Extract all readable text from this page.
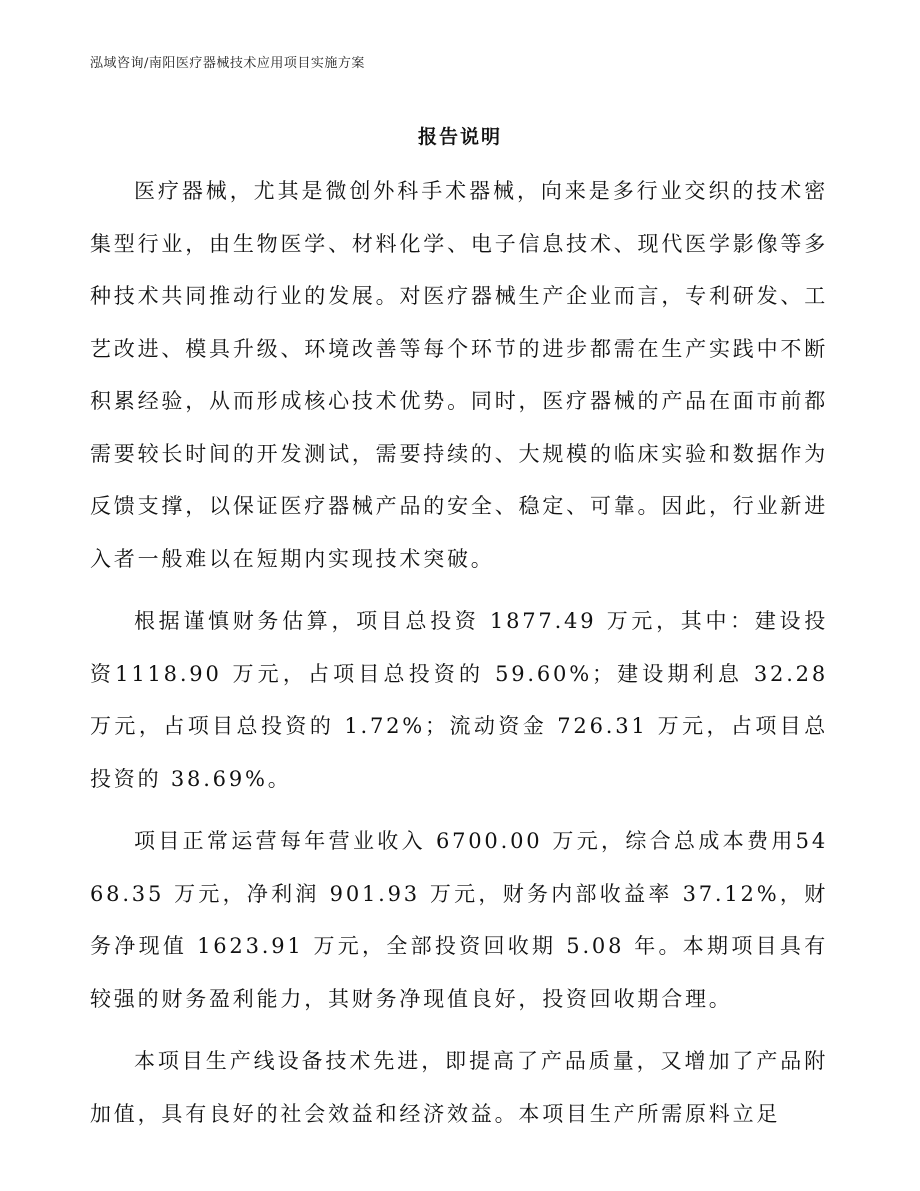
泓域咨询/南阳医疗器械技术应用项目实施方案
报告说明

医疗器械，尤其是微创外科手术器械，向来是多行业交织的技术密集型行业，由生物医学、材料化学、电子信息技术、现代医学影像等多种技术共同推动行业的发展。对医疗器械生产企业而言，专利研发、工艺改进、模具升级、环境改善等每个环节的进步都需在生产实践中不断积累经验，从而形成核心技术优势。同时，医疗器械的产品在面市前都需要较长时间的开发测试，需要持续的、大规模的临床实验和数据作为反馈支撑，以保证医疗器械产品的安全、稳定、可靠。因此，行业新进入者一般难以在短期内实现技术突破。

根据谨慎财务估算，项目总投资 1877.49 万元，其中：建设投资1118.90 万元，占项目总投资的 59.60%；建设期利息 32.28 万元，占项目总投资的 1.72%；流动资金 726.31 万元，占项目总投资的 38.69%。

项目正常运营每年营业收入 6700.00 万元，综合总成本费用5468.35 万元，净利润 901.93 万元，财务内部收益率 37.12%，财务净现值 1623.91 万元，全部投资回收期 5.08 年。本期项目具有较强的财务盈利能力，其财务净现值良好，投资回收期合理。

本项目生产线设备技术先进，即提高了产品质量，又增加了产品附加值，具有良好的社会效益和经济效益。本项目生产所需原料立足
